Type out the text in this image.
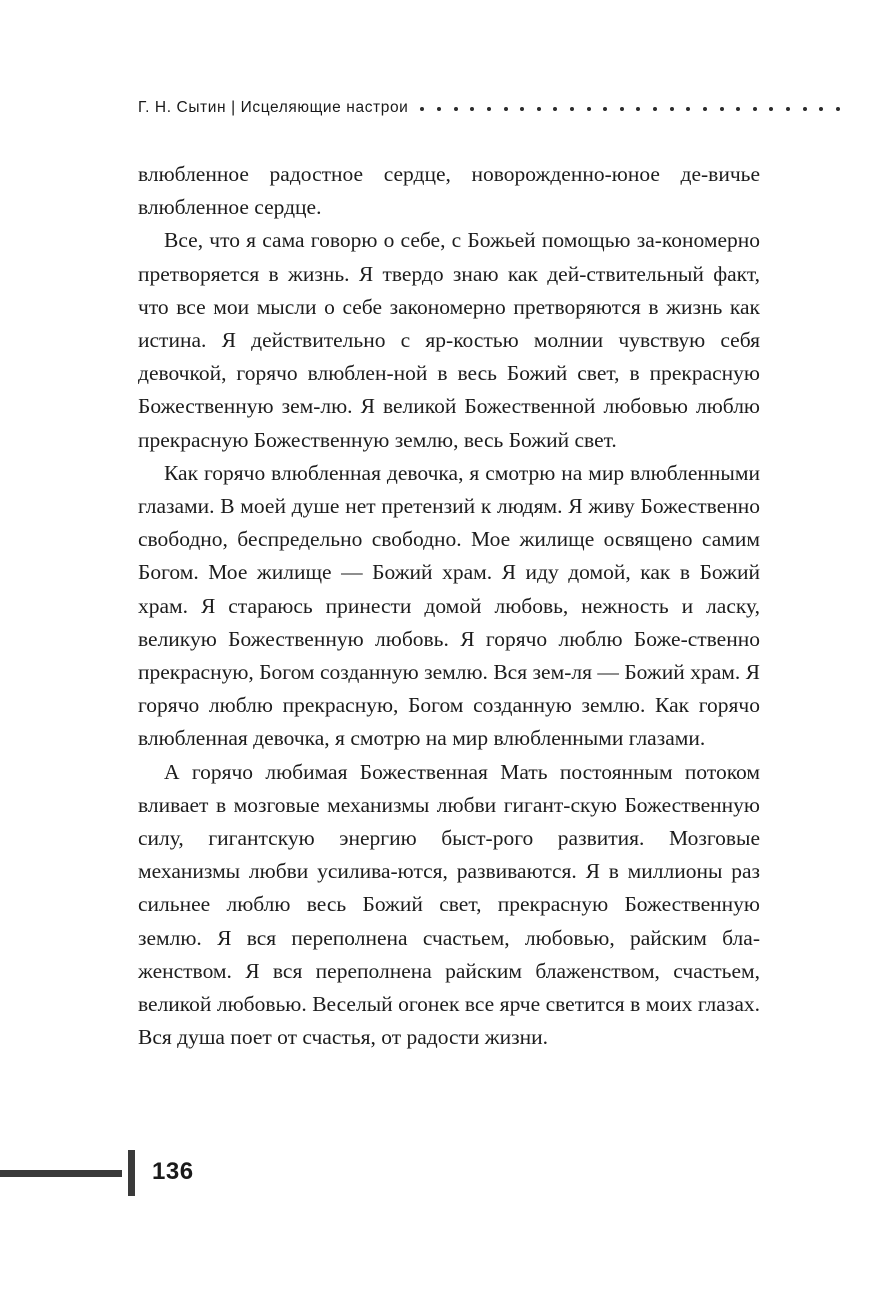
Г. Н. Сытин | Исцеляющие настрои

влюбленное радостное сердце, новорожденно-юное де-вичье влюбленное сердце.

Все, что я сама говорю о себе, с Божьей помощью за-кономерно претворяется в жизнь. Я твердо знаю как дей-ствительный факт, что все мои мысли о себе закономерно претворяются в жизнь как истина. Я действительно с яр-костью молнии чувствую себя девочкой, горячо влюблен-ной в весь Божий свет, в прекрасную Божественную зем-лю. Я великой Божественной любовью люблю прекрасную Божественную землю, весь Божий свет.

Как горячо влюбленная девочка, я смотрю на мир влюбленными глазами. В моей душе нет претензий к людям. Я живу Божественно свободно, беспредельно свободно. Мое жилище освящено самим Богом. Мое жилище — Божий храм. Я иду домой, как в Божий храм. Я стараюсь принести домой любовь, нежность и ласку, великую Божественную любовь. Я горячо люблю Боже-ственно прекрасную, Богом созданную землю. Вся зем-ля — Божий храм. Я горячо люблю прекрасную, Богом созданную землю. Как горячо влюбленная девочка, я смотрю на мир влюбленными глазами.

А горячо любимая Божественная Мать постоянным потоком вливает в мозговые механизмы любви гигант-скую Божественную силу, гигантскую энергию быст-рого развития. Мозговые механизмы любви усилива-ются, развиваются. Я в миллионы раз сильнее люблю весь Божий свет, прекрасную Божественную землю. Я вся переполнена счастьем, любовью, райским бла-женством. Я вся переполнена райским блаженством, счастьем, великой любовью. Веселый огонек все ярче светится в моих глазах. Вся душа поет от счастья, от радости жизни.

136
